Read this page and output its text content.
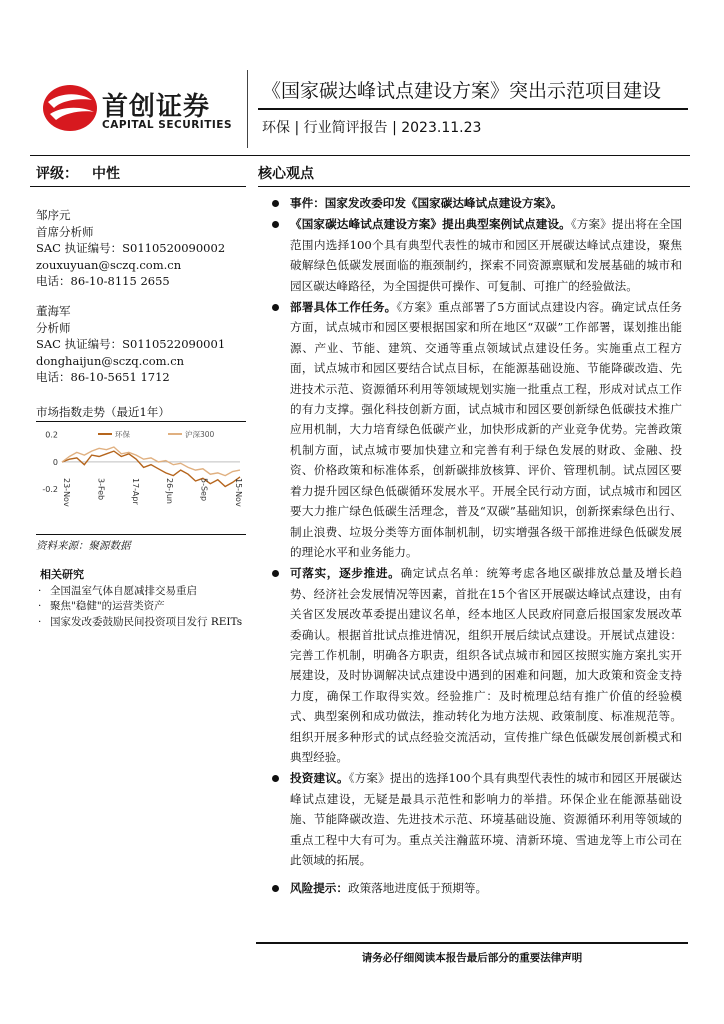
首创证券
CAPITAL SECURITIES
《国家碳达峰试点建设方案》突出示范项目建设
环保 | 行业简评报告 | 2023.11.23
评级： 中性	核心观点
邹序元
首席分析师
SAC 执证编号：S0110520090002
zouxuyuan@sczq.com.cn
电话：86-10-8115 2655
董海军
分析师
SAC 执证编号：S0110522090001
donghaijun@sczq.com.cn
电话：86-10-5651 1712
市场指数走势（最近1年）
0.2
0
-0.2
环保	沪深300
23-Nov	3-Feb	17-Apr	26-Jun	5-Sep	15-Nov
资料来源：聚源数据
相关研究
· 全国温室气体自愿减排交易重启
· 聚焦"稳健"的运营类资产
· 国家发改委鼓励民间投资项目发行 REITs
事件：国家发改委印发《国家碳达峰试点建设方案》。
《国家碳达峰试点建设方案》提出典型案例试点建设。《方案》提出将在全国范围内选择100个具有典型代表性的城市和园区开展碳达峰试点建设，聚焦破解绿色低碳发展面临的瓶颈制约，探索不同资源禀赋和发展基础的城市和园区碳达峰路径，为全国提供可操作、可复制、可推广的经验做法。
部署具体工作任务。《方案》重点部署了5方面试点建设内容。确定试点任务方面，试点城市和园区要根据国家和所在地区“双碳”工作部署，谋划推出能源、产业、节能、建筑、交通等重点领域试点建设任务。实施重点工程方面，试点城市和园区要结合试点目标，在能源基础设施、节能降碳改造、先进技术示范、资源循环利用等领域规划实施一批重点工程，形成对试点工作的有力支撑。强化科技创新方面，试点城市和园区要创新绿色低碳技术推广应用机制，大力培育绿色低碳产业，加快形成新的产业竞争优势。完善政策机制方面，试点城市要加快建立和完善有利于绿色发展的财政、金融、投资、价格政策和标准体系，创新碳排放核算、评价、管理机制。试点园区要着力提升园区绿色低碳循环发展水平。开展全民行动方面，试点城市和园区要大力推广绿色低碳生活理念，普及“双碳”基础知识，创新探索绿色出行、制止浪费、垃圾分类等方面体制机制，切实增强各级干部推进绿色低碳发展的理论水平和业务能力。
可落实，逐步推进。确定试点名单：统筹考虑各地区碳排放总量及增长趋势、经济社会发展情况等因素，首批在15个省区开展碳达峰试点建设，由有关省区发展改革委提出建议名单，经本地区人民政府同意后报国家发展改革委确认。根据首批试点推进情况，组织开展后续试点建设。开展试点建设：完善工作机制，明确各方职责，组织各试点城市和园区按照实施方案扎实开展建设，及时协调解决试点建设中遇到的困难和问题，加大政策和资金支持力度，确保工作取得实效。经验推广：及时梳理总结有推广价值的经验模式、典型案例和成功做法，推动转化为地方法规、政策制度、标准规范等。组织开展多种形式的试点经验交流活动，宣传推广绿色低碳发展创新模式和典型经验。
投资建议。《方案》提出的选择100个具有典型代表性的城市和园区开展碳达峰试点建设，无疑是最具示范性和影响力的举措。环保企业在能源基础设施、节能降碳改造、先进技术示范、环境基础设施、资源循环利用等领域的重点工程中大有可为。重点关注瀚蓝环境、清新环境、雪迪龙等上市公司在此领域的拓展。
风险提示：政策落地进度低于预期等。
请务必仔细阅读本报告最后部分的重要法律声明
